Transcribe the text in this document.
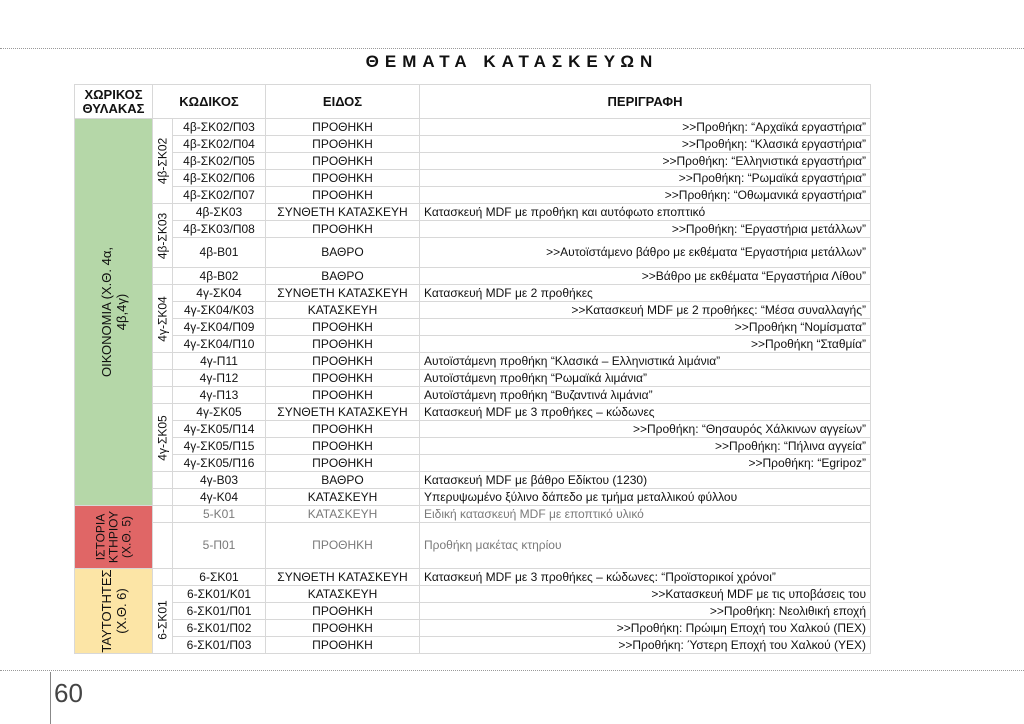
ΘΕΜΑΤΑ ΚΑΤΑΣΚΕΥΩΝ
ΧΩΡΙΚΟΣ ΘΥΛΑΚΑΣ	ΚΩΔΙΚΟΣ		ΕΙΔΟΣ	ΠΕΡΙΓΡΑΦΗ

ΟΙΚΟΝΟΜΙΑ (Χ.Θ. 4α, 4β,4γ)	4β-ΣΚ02	4β-ΣΚ02/Π03	ΠΡΟΘΗΚΗ	>>Προθήκη: “Αρχαϊκά εργαστήρια”
		4β-ΣΚ02/Π04	ΠΡΟΘΗΚΗ	>>Προθήκη: “Κλασικά εργαστήρια”
		4β-ΣΚ02/Π05	ΠΡΟΘΗΚΗ	>>Προθήκη: “Ελληνιστικά εργαστήρια”
		4β-ΣΚ02/Π06	ΠΡΟΘΗΚΗ	>>Προθήκη: “Ρωμαϊκά εργαστήρια”
		4β-ΣΚ02/Π07	ΠΡΟΘΗΚΗ	>>Προθήκη: “Οθωμανικά εργαστήρια”

	4β-ΣΚ03	4β-ΣΚ03	ΣΥΝΘΕΤΗ ΚΑΤΑΣΚΕΥΗ	Κατασκευή MDF με προθήκη και αυτόφωτο εποπτικό
		4β-ΣΚ03/Π08	ΠΡΟΘΗΚΗ	>>Προθήκη: “Εργαστήρια μετάλλων”
		4β-Β01	ΒΑΘΡΟ	>>Αυτοϊστάμενο βάθρο με εκθέματα “Εργαστήρια μετάλλων”
		4β-Β02	ΒΑΘΡΟ	>>Βάθρο με εκθέματα “Εργαστήρια Λίθου”

	4γ-ΣΚ04	4γ-ΣΚ04	ΣΥΝΘΕΤΗ ΚΑΤΑΣΚΕΥΗ	Κατασκευή MDF με 2 προθήκες
		4γ-ΣΚ04/Κ03	ΚΑΤΑΣΚΕΥΗ	>>Κατασκευή MDF με 2 προθήκες: “Μέσα συναλλαγής”
		4γ-ΣΚ04/Π09	ΠΡΟΘΗΚΗ	>>Προθήκη “Νομίσματα”
		4γ-ΣΚ04/Π10	ΠΡΟΘΗΚΗ	>>Προθήκη “Σταθμία”
		4γ-Π11	ΠΡΟΘΗΚΗ	Αυτοϊστάμενη προθήκη “Κλασικά – Ελληνιστικά λιμάνια”
		4γ-Π12	ΠΡΟΘΗΚΗ	Αυτοϊστάμενη προθήκη “Ρωμαϊκά λιμάνια”
		4γ-Π13	ΠΡΟΘΗΚΗ	Αυτοϊστάμενη προθήκη “Βυζαντινά λιμάνια”

	4γ-ΣΚ05	4γ-ΣΚ05	ΣΥΝΘΕΤΗ ΚΑΤΑΣΚΕΥΗ	Κατασκευή MDF με 3 προθήκες – κώδωνες
		4γ-ΣΚ05/Π14	ΠΡΟΘΗΚΗ	>>Προθήκη: “Θησαυρός Χάλκινων αγγείων”
		4γ-ΣΚ05/Π15	ΠΡΟΘΗΚΗ	>>Προθήκη: “Πήλινα αγγεία”
		4γ-ΣΚ05/Π16	ΠΡΟΘΗΚΗ	>>Προθήκη: “Egripoz”
		4γ-Β03	ΒΑΘΡΟ	Κατασκευή MDF με βάθρο Εδίκτου (1230)
		4γ-Κ04	ΚΑΤΑΣΚΕΥΗ	Υπερυψωμένο ξύλινο δάπεδο με τμήμα μεταλλικού φύλλου

ΙΣΤΟΡΙΑ ΚΤΗΡΙΟΥ (Χ.Θ. 5)		5-Κ01	ΚΑΤΑΣΚΕΥΗ	Ειδική κατασκευή MDF με εποπτικό υλικό
		5-Π01	ΠΡΟΘΗΚΗ	Προθήκη μακέτας κτηρίου

ΤΑΥΤΟΤΗΤΕΣ (Χ.Θ. 6)		6-ΣΚ01	ΣΥΝΘΕΤΗ ΚΑΤΑΣΚΕΥΗ	Κατασκευή MDF με 3 προθήκες – κώδωνες: “Προϊστορικοί χρόνοι”

	6-ΣΚ01	6-ΣΚ01/Κ01	ΚΑΤΑΣΚΕΥΗ	>>Κατασκευή MDF με τις υποβάσεις του
		6-ΣΚ01/Π01	ΠΡΟΘΗΚΗ	>>Προθήκη: Νεολιθική εποχή
		6-ΣΚ01/Π02	ΠΡΟΘΗΚΗ	>>Προθήκη: Πρώιμη Εποχή του Χαλκού (ΠΕΧ)
		6-ΣΚ01/Π03	ΠΡΟΘΗΚΗ	>>Προθήκη: Ύστερη Εποχή του Χαλκού (ΥΕΧ)
60
